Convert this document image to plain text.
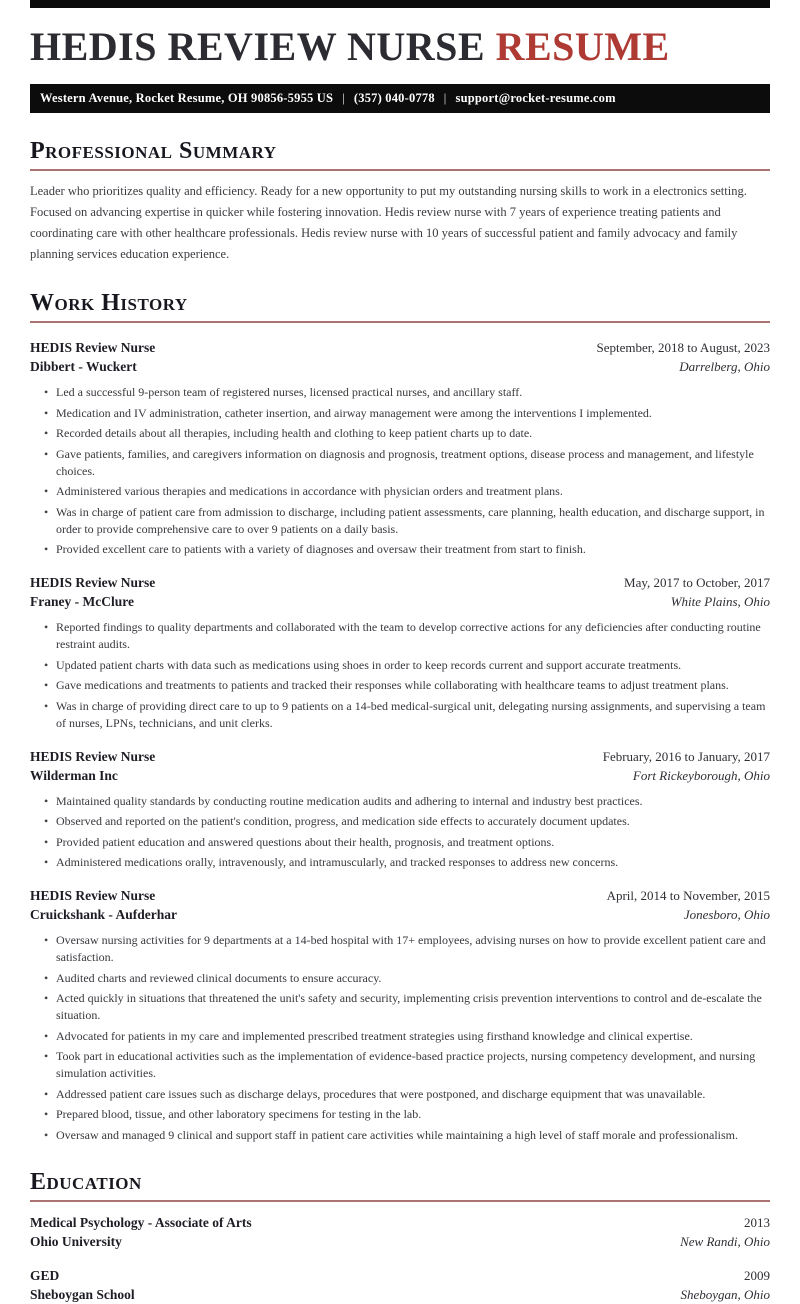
HEDIS REVIEW NURSE RESUME
Western Avenue, Rocket Resume, OH 90856-5955 US | (357) 040-0778 | support@rocket-resume.com
Professional Summary

Leader who prioritizes quality and efficiency. Ready for a new opportunity to put my outstanding nursing skills to work in a electronics setting. Focused on advancing expertise in quicker while fostering innovation. Hedis review nurse with 7 years of experience treating patients and coordinating care with other healthcare professionals. Hedis review nurse with 10 years of successful patient and family advocacy and family planning services education experience.

Work History
HEDIS Review Nurse	September, 2018 to August, 2023
Dibbert - Wuckert	Darrelberg, Ohio
• Led a successful 9-person team of registered nurses, licensed practical nurses, and ancillary staff.
• Medication and IV administration, catheter insertion, and airway management were among the interventions I implemented.
• Recorded details about all therapies, including health and clothing to keep patient charts up to date.
• Gave patients, families, and caregivers information on diagnosis and prognosis, treatment options, disease process and management, and lifestyle choices.
• Administered various therapies and medications in accordance with physician orders and treatment plans.
• Was in charge of patient care from admission to discharge, including patient assessments, care planning, health education, and discharge support, in order to provide comprehensive care to over 9 patients on a daily basis.
• Provided excellent care to patients with a variety of diagnoses and oversaw their treatment from start to finish.
HEDIS Review Nurse	May, 2017 to October, 2017
Franey - McClure	White Plains, Ohio
• Reported findings to quality departments and collaborated with the team to develop corrective actions for any deficiencies after conducting routine restraint audits.
• Updated patient charts with data such as medications using shoes in order to keep records current and support accurate treatments.
• Gave medications and treatments to patients and tracked their responses while collaborating with healthcare teams to adjust treatment plans.
• Was in charge of providing direct care to up to 9 patients on a 14-bed medical-surgical unit, delegating nursing assignments, and supervising a team of nurses, LPNs, technicians, and unit clerks.
HEDIS Review Nurse	February, 2016 to January, 2017
Wilderman Inc	Fort Rickeyborough, Ohio
• Maintained quality standards by conducting routine medication audits and adhering to internal and industry best practices.
• Observed and reported on the patient's condition, progress, and medication side effects to accurately document updates.
• Provided patient education and answered questions about their health, prognosis, and treatment options.
• Administered medications orally, intravenously, and intramuscularly, and tracked responses to address new concerns.
HEDIS Review Nurse	April, 2014 to November, 2015
Cruickshank - Aufderhar	Jonesboro, Ohio
• Oversaw nursing activities for 9 departments at a 14-bed hospital with 17+ employees, advising nurses on how to provide excellent patient care and satisfaction.
• Audited charts and reviewed clinical documents to ensure accuracy.
• Acted quickly in situations that threatened the unit's safety and security, implementing crisis prevention interventions to control and de-escalate the situation.
• Advocated for patients in my care and implemented prescribed treatment strategies using firsthand knowledge and clinical expertise.
• Took part in educational activities such as the implementation of evidence-based practice projects, nursing competency development, and nursing simulation activities.
• Addressed patient care issues such as discharge delays, procedures that were postponed, and discharge equipment that was unavailable.
• Prepared blood, tissue, and other laboratory specimens for testing in the lab.
• Oversaw and managed 9 clinical and support staff in patient care activities while maintaining a high level of staff morale and professionalism.
Education
Medical Psychology - Associate of Arts	2013
Ohio University	New Randi, Ohio
GED	2009
Sheboygan School	Sheboygan, Ohio
